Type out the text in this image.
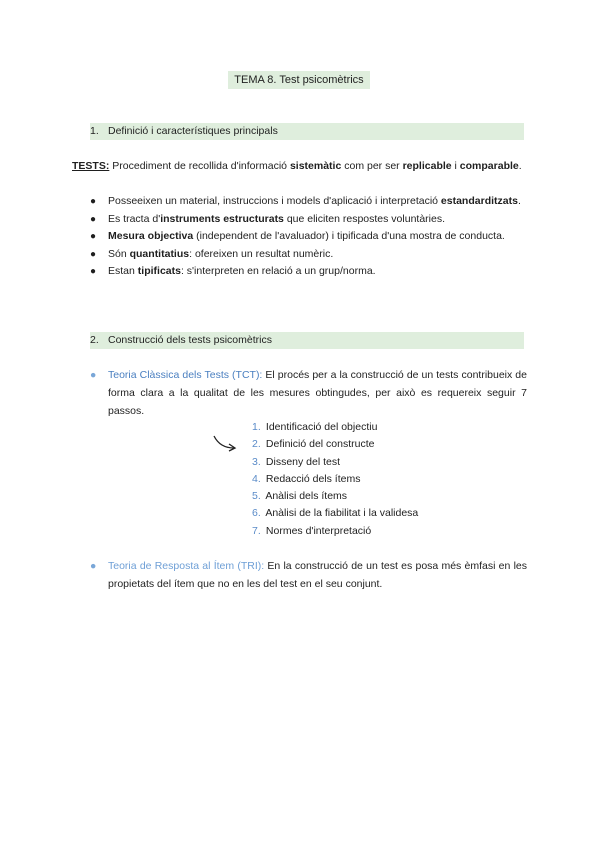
TEMA 8. Test psicomètrics
1. Definició i característiques principals
TESTS: Procediment de recollida d'informació sistemàtic com per ser replicable i comparable.
● Posseeixen un material, instruccions i models d'aplicació i interpretació estandarditzats.
● Es tracta d'instruments estructurats que eliciten respostes voluntàries.
● Mesura objectiva (independent de l'avaluador) i tipificada d'una mostra de conducta.
● Són quantitatius: ofereixen un resultat numèric.
● Estan tipificats: s'interpreten en relació a un grup/norma.
2. Construcció dels tests psicomètrics
●	Teoria Clàssica dels Tests (TCT): El procés per a la construcció de un tests contribueix de forma clara a la qualitat de les mesures obtingudes, per això es requereix seguir 7 passos.
1. Identificació del objectiu
2. Definició del constructe
3. Disseny del test
4. Redacció dels ítems
5. Anàlisi dels ítems
6. Anàlisi de la fiabilitat i la validesa
7. Normes d'interpretació
●	Teoria de Resposta al Ítem (TRI): En la construcció de un test es posa més èmfasi en les propietats del ítem que no en les del test en el seu conjunt.
